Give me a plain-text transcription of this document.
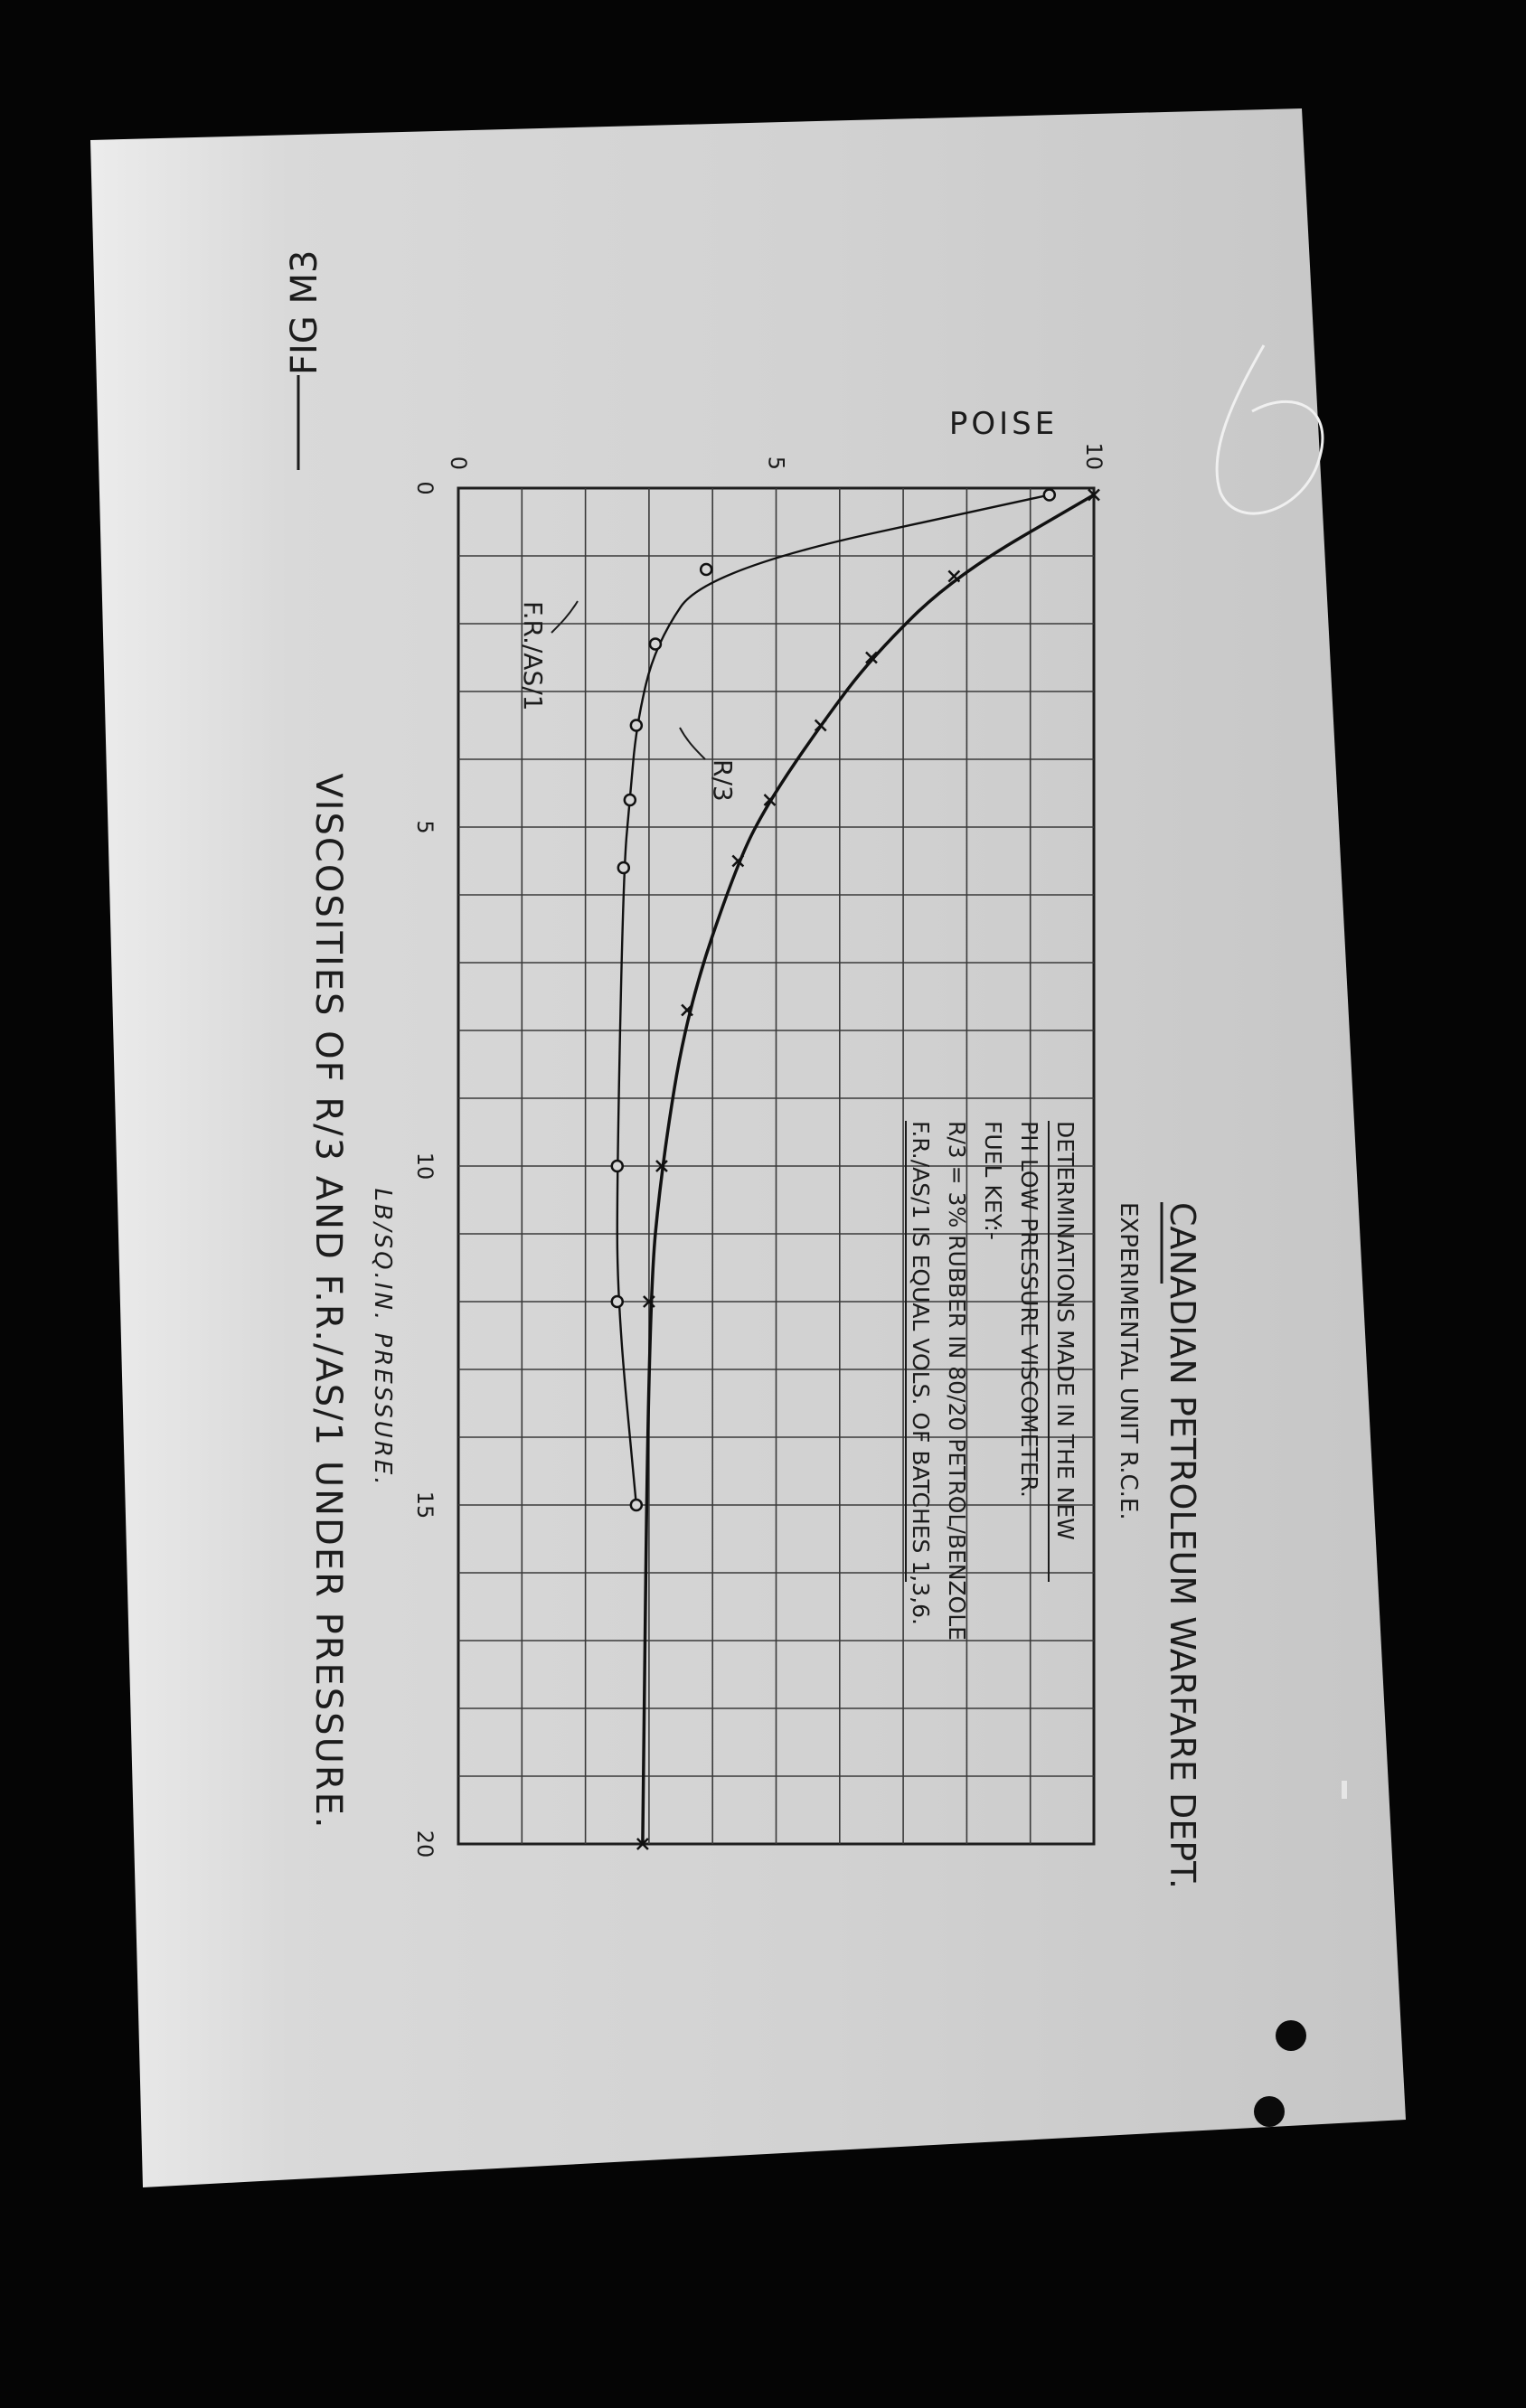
CANADIAN PETROLEUM WARFARE DEPT.
EXPERIMENTAL UNIT R.C.E.
FIG M3
POISE
0
5
10
15
20
0	5	10
LB/SQ.IN. PRESSURE.
VISCOSITIES OF R/3 AND F.R./AS/1 UNDER PRESSURE.	DETERMINATIONS MADE IN THE NEW
PH LOW PRESSURE VISCOMETER.
FUEL KEY:-
R/3 = 3% RUBBER IN 80/20 PETROL/BENZOLE
F.R./AS/1 IS EQUAL VOLS. OF BATCHES 1,3,6.
F.R./AS/1
R/3
